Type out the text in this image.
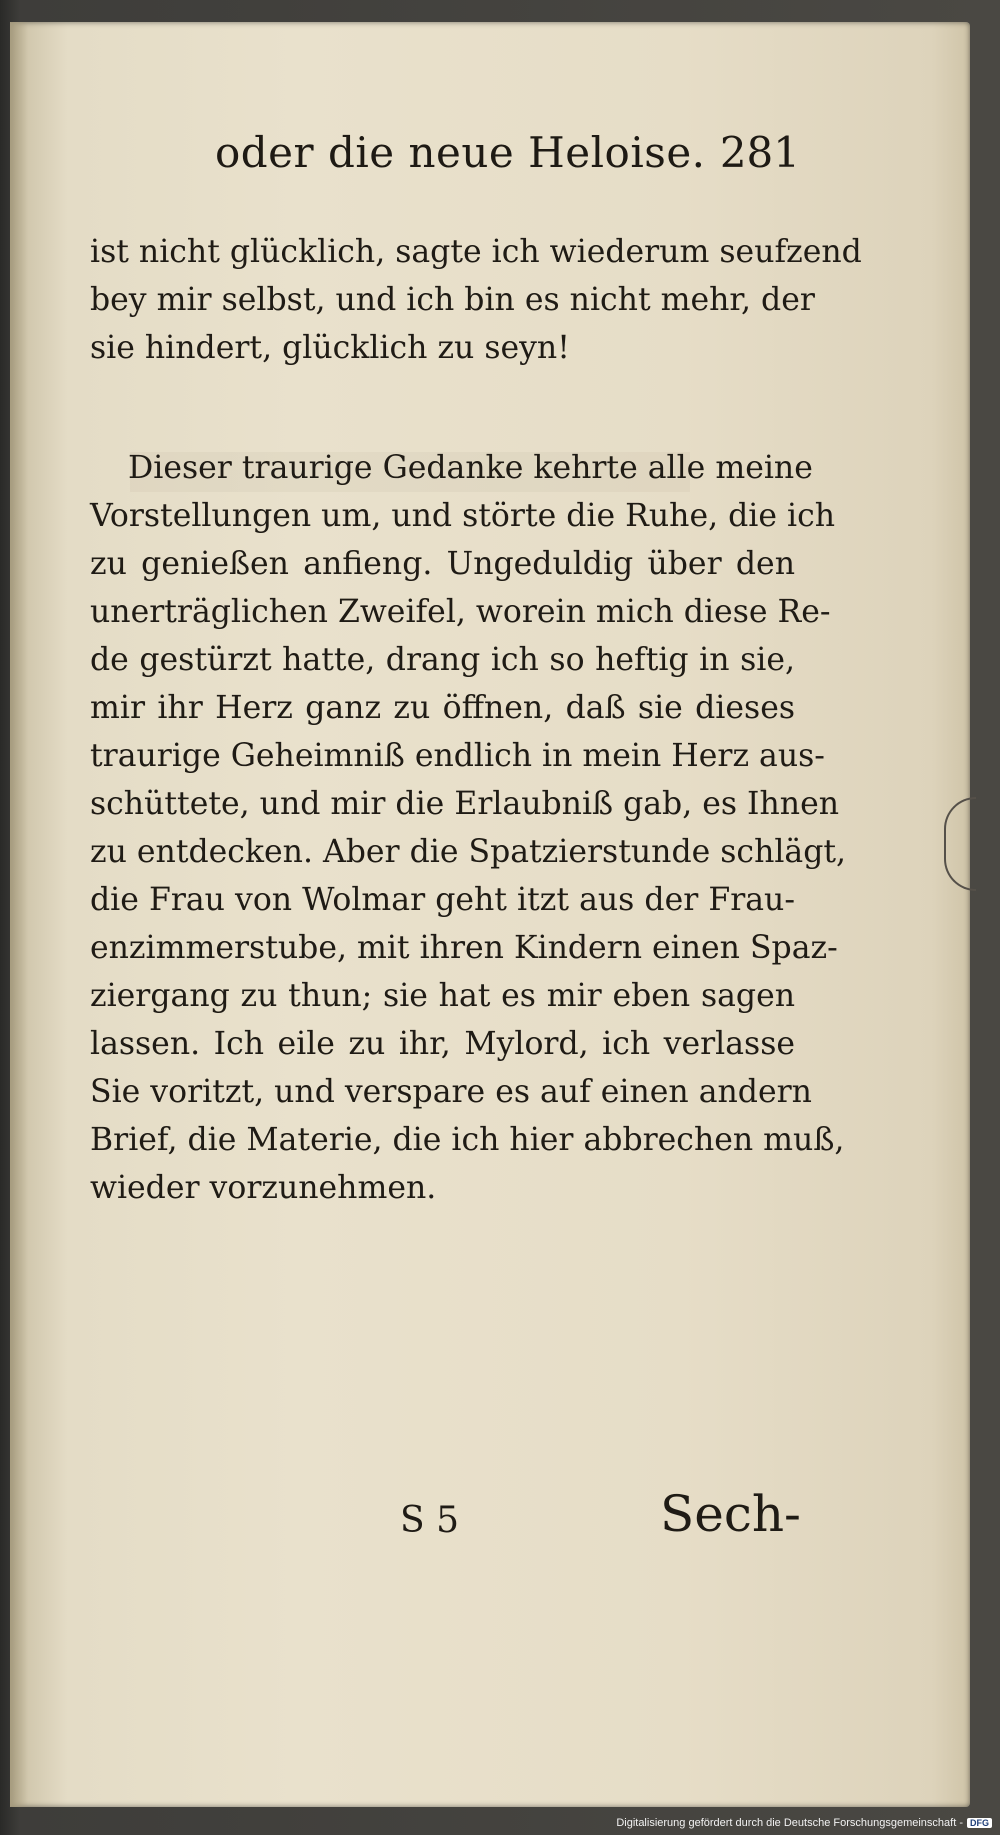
oder die neue Heloise. 281
ist nicht glücklich, sagte ich wiederum seufzend
bey mir selbst, und ich bin es nicht mehr, der
sie hindert, glücklich zu seyn!
Dieser traurige Gedanke kehrte alle meine
Vorstellungen um, und störte die Ruhe, die ich
zu genießen anfieng. Ungeduldig über den
unerträglichen Zweifel, worein mich diese Re-
de gestürzt hatte, drang ich so heftig in sie,
mir ihr Herz ganz zu öffnen, daß sie dieses
traurige Geheimniß endlich in mein Herz aus-
schüttete, und mir die Erlaubniß gab, es Ihnen
zu entdecken. Aber die Spatzierstunde schlägt,
die Frau von Wolmar geht itzt aus der Frau-
enzimmerstube, mit ihren Kindern einen Spaz-
ziergang zu thun; sie hat es mir eben sagen
lassen. Ich eile zu ihr, Mylord, ich verlasse
Sie voritzt, und verspare es auf einen andern
Brief, die Materie, die ich hier abbrechen muß,
wieder vorzunehmen.
S 5	Sech-
Digitalisierung gefördert durch die Deutsche Forschungsgemeinschaft - DFG
